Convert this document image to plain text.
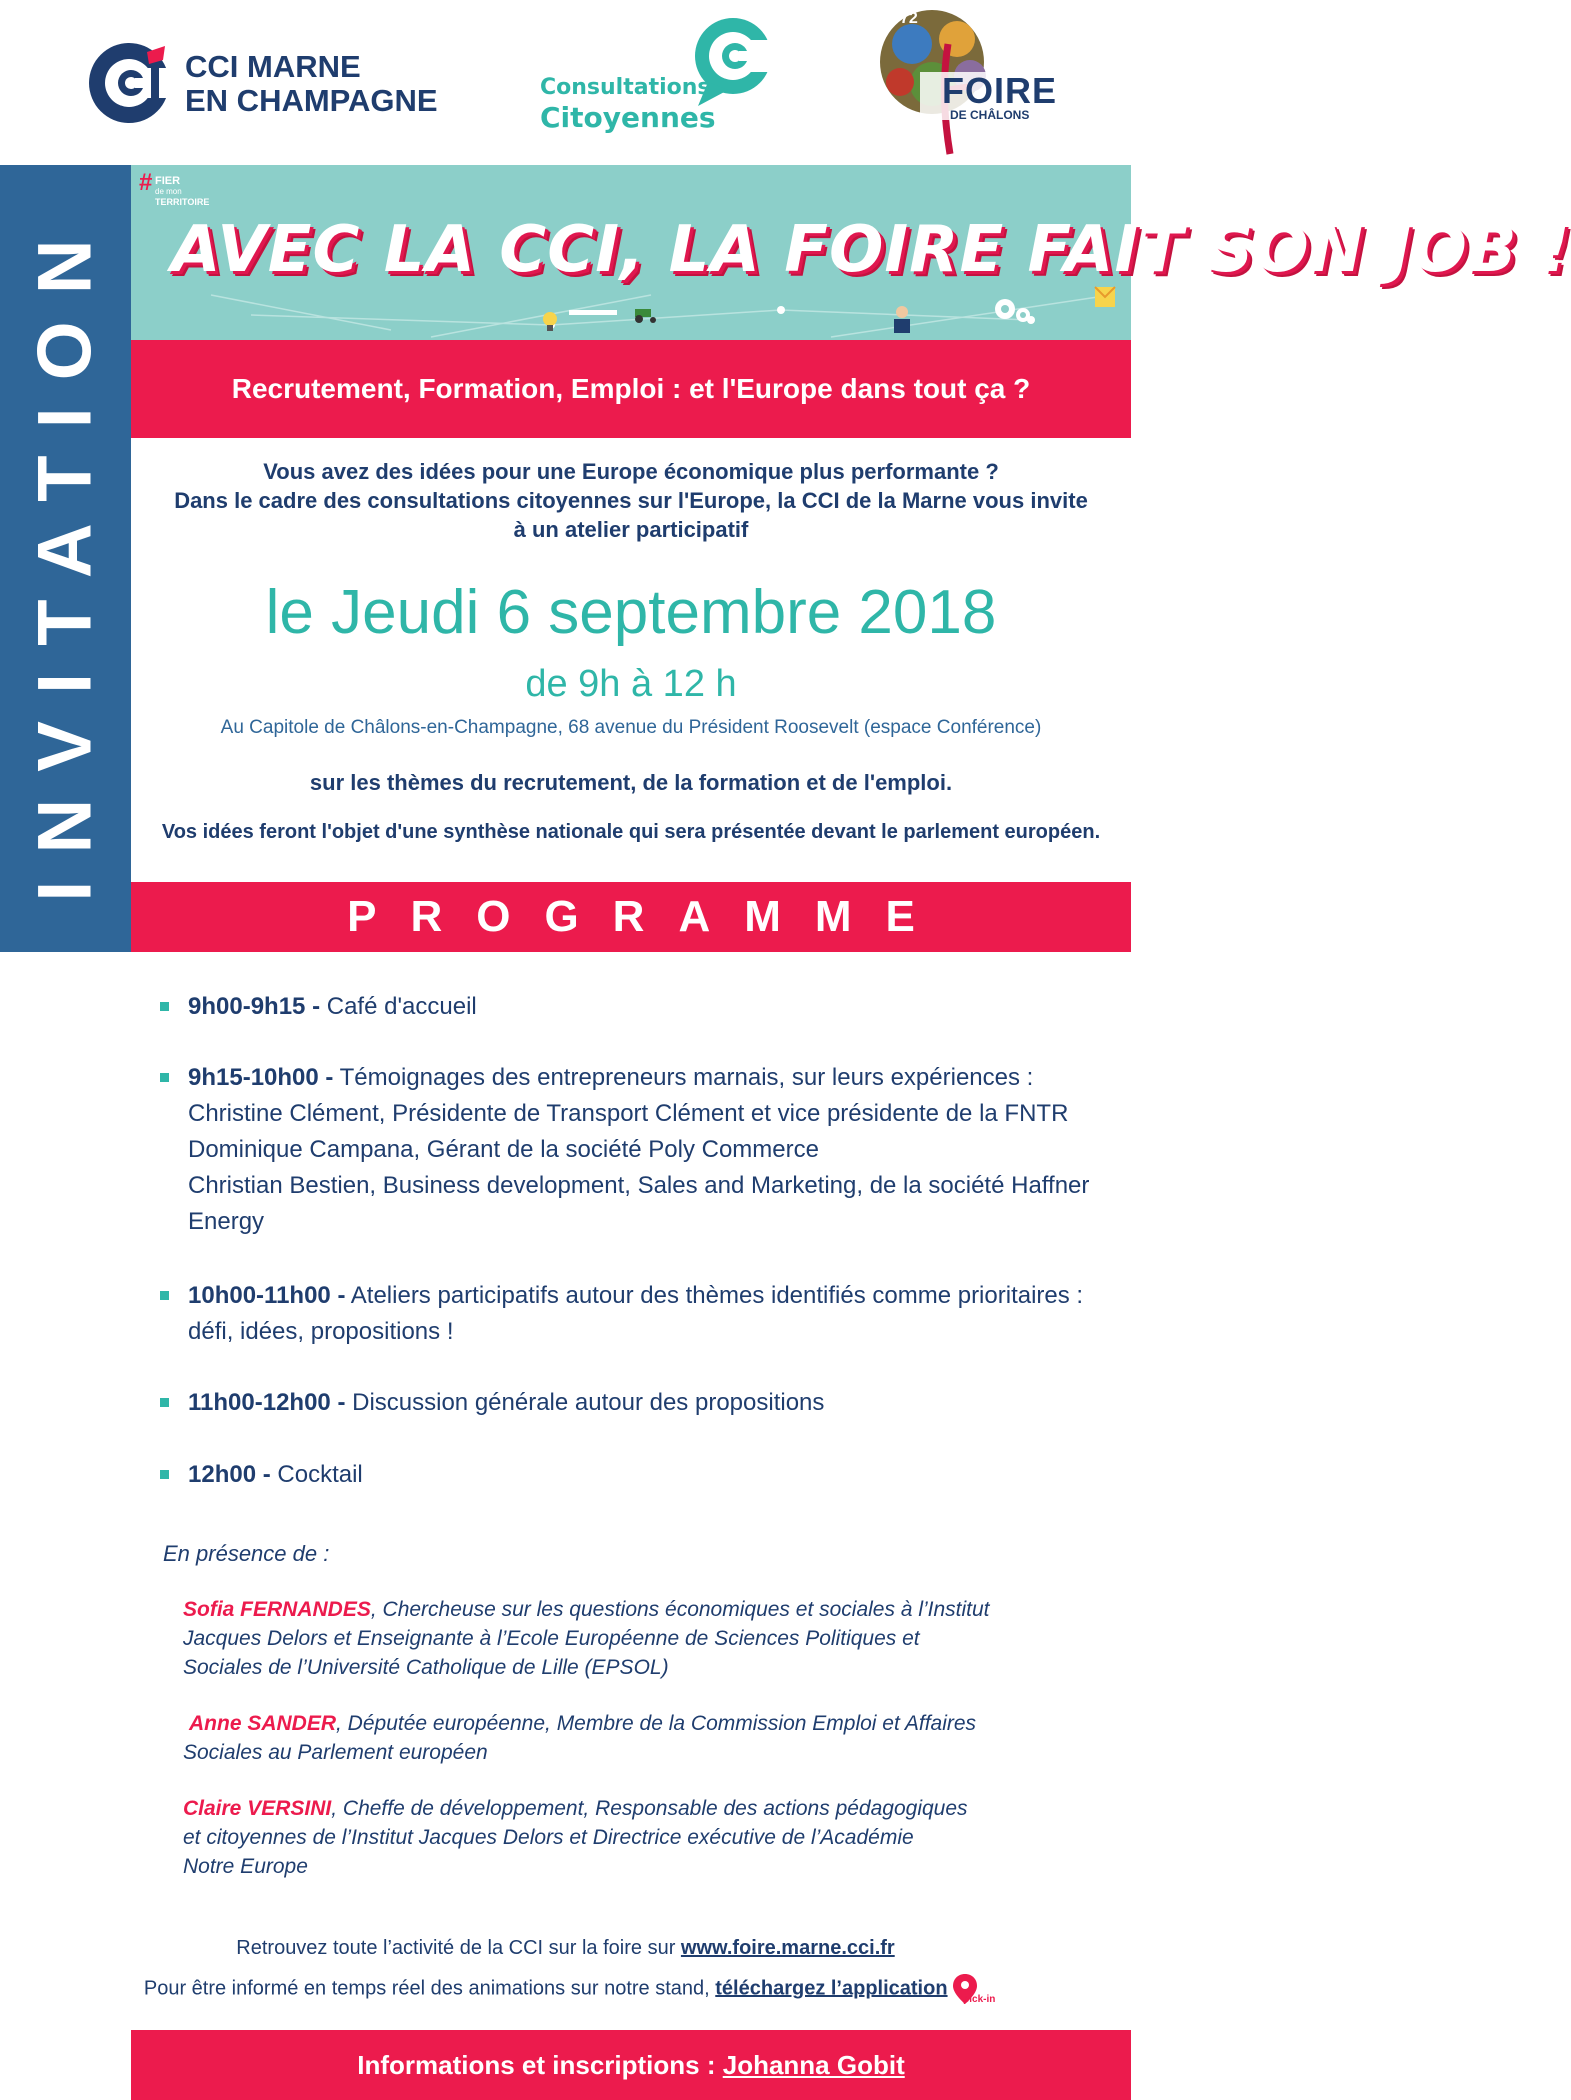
CCI MARNE
EN CHAMPAGNE	Consultations
Citoyennes
72
FOIRE
DE CHÂLONS
INVITATION
# FIER
de mon
TERRITOIRE
AVEC LA CCI, LA FOIRE FAIT SON JOB !
Recrutement, Formation, Emploi : et l'Europe dans tout ça ?
Vous avez des idées pour une Europe économique plus performante ?
Dans le cadre des consultations citoyennes sur l'Europe, la CCI de la Marne vous invite
à un atelier participatif
le Jeudi 6 septembre 2018
de 9h à 12 h
Au Capitole de Châlons-en-Champagne, 68 avenue du Président Roosevelt (espace Conférence)
sur les thèmes du recrutement, de la formation et de l'emploi.
Vos idées feront l'objet d'une synthèse nationale qui sera présentée devant le parlement européen.
PROGRAMME
9h00-9h15 - Café d'accueil
9h15-10h00 - Témoignages des entrepreneurs marnais, sur leurs expériences :
Christine Clément, Présidente de Transport Clément et vice présidente de la FNTR
Dominique Campana, Gérant de la société Poly Commerce
Christian Bestien, Business development, Sales and Marketing, de la société Haffner
Energy
10h00-11h00 - Ateliers participatifs autour des thèmes identifiés comme prioritaires :
défi, idées, propositions !
11h00-12h00 - Discussion générale autour des propositions
12h00 - Cocktail
En présence de :
Sofia FERNANDES, Chercheuse sur les questions économiques et sociales à l’Institut
Jacques Delors et Enseignante à l’Ecole Européenne de Sciences Politiques et
Sociales de l’Université Catholique de Lille (EPSOL)
Anne SANDER, Députée européenne, Membre de la Commission Emploi et Affaires
Sociales au Parlement européen
Claire VERSINI, Cheffe de développement, Responsable des actions pédagogiques
et citoyennes de l’Institut Jacques Delors et Directrice exécutive de l’Académie
Notre Europe
Retrouvez toute l’activité de la CCI sur la foire sur www.foire.marne.cci.fr
Pour être informé en temps réel des animations sur notre stand, téléchargez l’application
pick-in
Informations et inscriptions : Johanna Gobit
